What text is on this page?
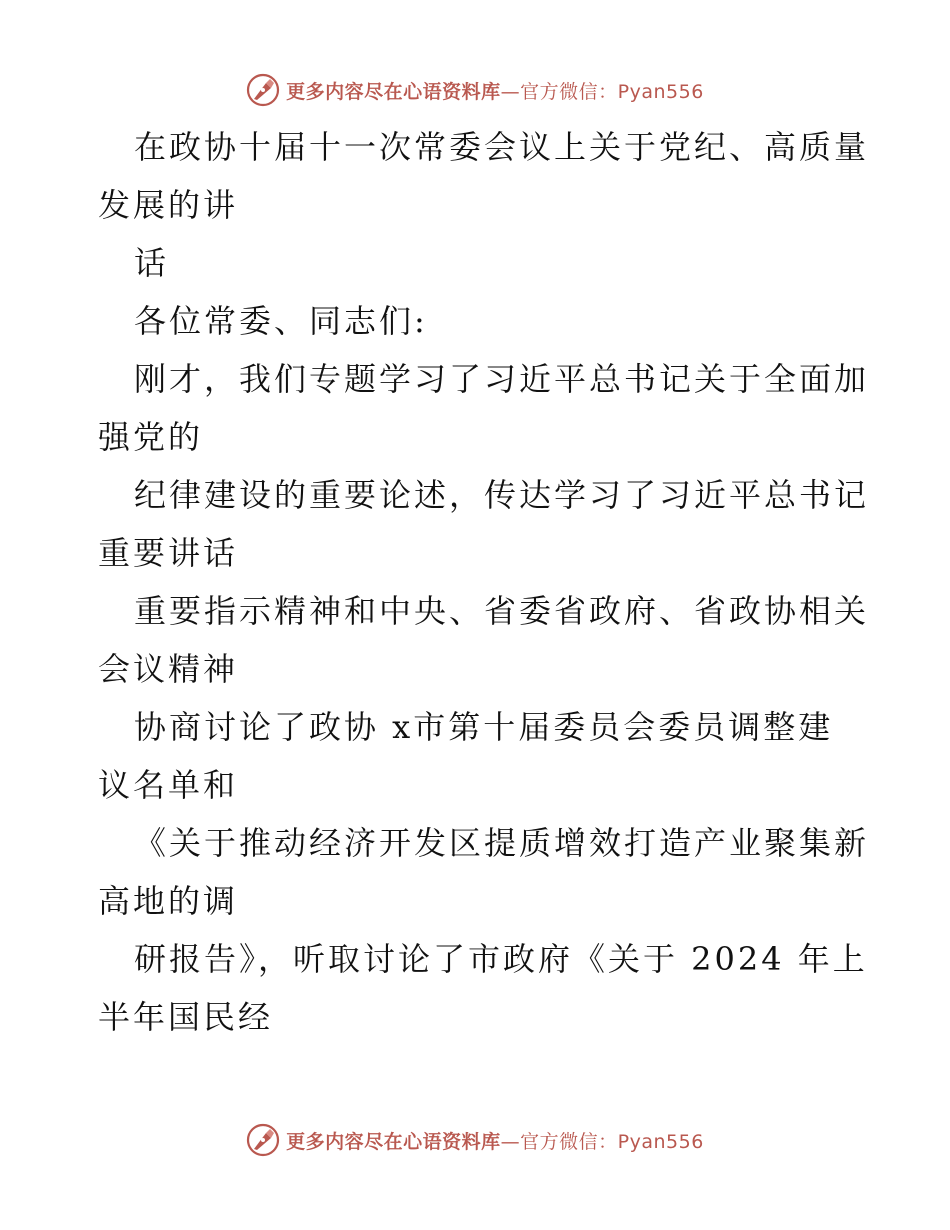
更多内容尽在心语资料库—官方微信：Pyan556
在政协十届十一次常委会议上关于党纪、高质量
发展的讲
话
各位常委、同志们:
刚才，我们专题学习了习近平总书记关于全面加
强党的
纪律建设的重要论述，传达学习了习近平总书记
重要讲话
重要指示精神和中央、省委省政府、省政协相关
会议精神
协商讨论了政协 x市第十届委员会委员调整建
议名单和
《关于推动经济开发区提质增效打造产业聚集新
高地的调
研报告》，听取讨论了市政府《关于 2024 年上
半年国民经
更多内容尽在心语资料库—官方微信：Pyan556
